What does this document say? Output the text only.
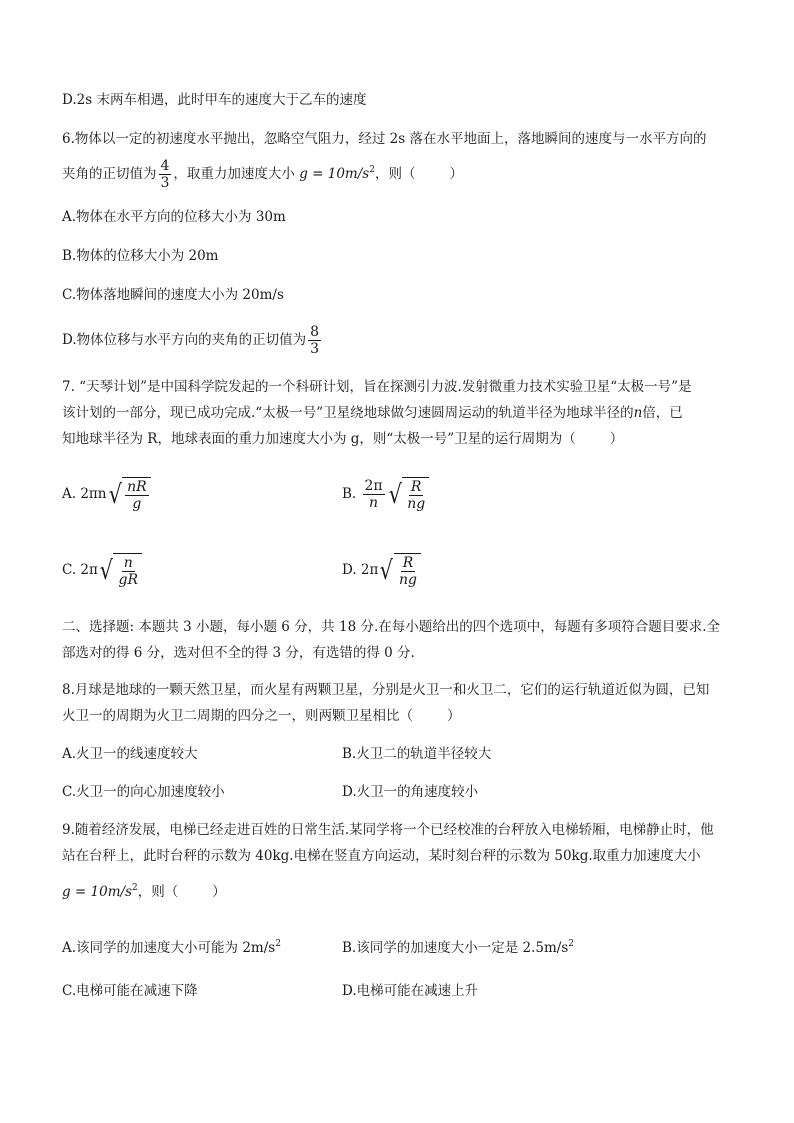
D.2s 末两车相遇，此时甲车的速度大于乙车的速度
6.物体以一定的初速度水平抛出，忽略空气阻力，经过 2s 落在水平地面上，落地瞬间的速度与一水平方向的
夹角的正切值为 $\frac{4}{3}$ ，取重力加速度大小 $g = 10m/s^2$，则（	）
A.物体在水平方向的位移大小为 30m
B.物体的位移大小为 20m
C.物体落地瞬间的速度大小为 20m/s
D.物体位移与水平方向的夹角的正切值为 $\frac{8}{3}$
7. “天琴计划”是中国科学院发起的一个科研计划，旨在探测引力波.发射微重力技术实验卫星“太极一号”是
该计划的一部分，现已成功完成.“太极一号”卫星绕地球做匀速圆周运动的轨道半径为地球半径的n倍，已
知地球半径为 R，地球表面的重力加速度大小为 g，则“太极一号”卫星的运行周期为（	）
A. 2πn √ $\frac{nR}{g}$	B. $\frac{2\pi}{n}$ √ $\frac{R}{ng}$
C. 2π √ $\frac{n}{gR}$	D. 2π √ $\frac{R}{ng}$
二、选择题: 本题共 3 小题，每小题 6 分，共 18 分.在每小题给出的四个选项中，每题有多项符合题目要求.全
部选对的得 6 分，选对但不全的得 3 分，有选错的得 0 分.
8.月球是地球的一颗天然卫星，而火星有两颗卫星，分别是火卫一和火卫二，它们的运行轨道近似为圆，已知
火卫一的周期为火卫二周期的四分之一，则两颗卫星相比（	）
A.火卫一的线速度较大	B.火卫二的轨道半径较大
C.火卫一的向心加速度较小	D.火卫一的角速度较小
9.随着经济发展，电梯已经走进百姓的日常生活.某同学将一个已经校准的台秤放入电梯轿厢，电梯静止时，他
站在台秤上，此时台秤的示数为 40kg.电梯在竖直方向运动，某时刻台秤的示数为 50kg.取重力加速度大小
$g = 10m/s^2$，则（	）
A.该同学的加速度大小可能为 $2m/s^2$	B.该同学的加速度大小一定是 $2.5m/s^2$
C.电梯可能在减速下降	D.电梯可能在减速上升
